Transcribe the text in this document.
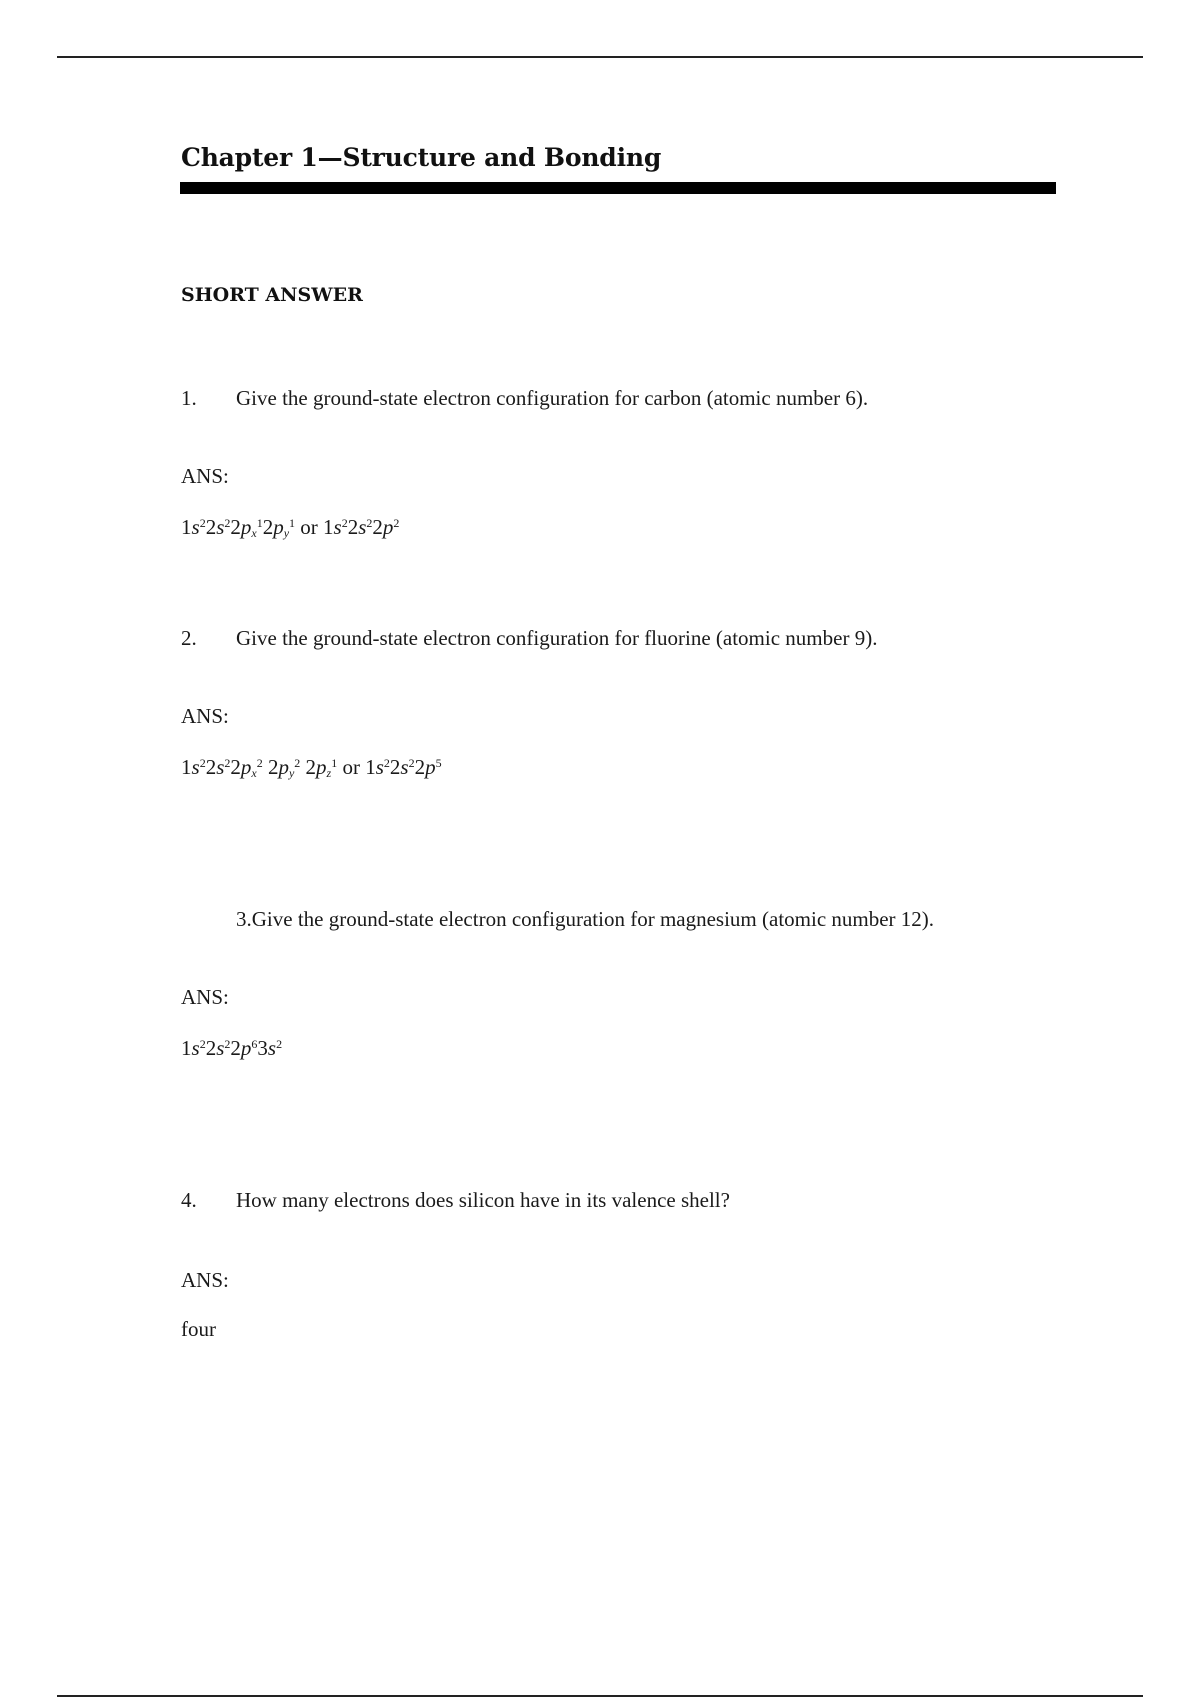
Chapter 1—Structure and Bonding
SHORT ANSWER
1. Give the ground-state electron configuration for carbon (atomic number 6).
ANS:
$1s^22s^22p_x^12p_y^1$ or $1s^22s^22p^2$
2. Give the ground-state electron configuration for fluorine (atomic number 9).
ANS:
$1s^22s^22p_x^2$ $2p_y^2$ $2p_z^1$ or $1s^22s^22p^5$
3.Give the ground-state electron configuration for magnesium (atomic number 12).
ANS:
$1s^22s^22p^63s^2$
4. How many electrons does silicon have in its valence shell?
ANS:
four
